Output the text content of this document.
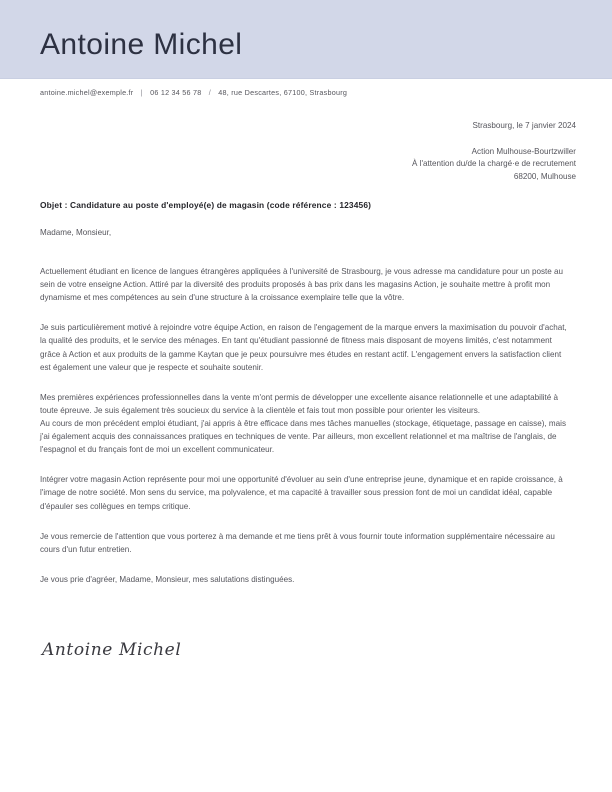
Antoine Michel
antoine.michel@exemple.fr | 06 12 34 56 78 / 48, rue Descartes, 67100, Strasbourg
Strasbourg, le 7 janvier 2024
Action Mulhouse-Bourtzwiller
À l'attention du/de la chargé·e de recrutement
68200, Mulhouse
Objet : Candidature au poste d'employé(e) de magasin (code référence : 123456)
Madame, Monsieur,

Actuellement étudiant en licence de langues étrangères appliquées à l'université de Strasbourg, je vous adresse ma candidature pour un poste au sein de votre enseigne Action. Attiré par la diversité des produits proposés à bas prix dans les magasins Action, je souhaite mettre à profit mon dynamisme et mes compétences au sein d'une structure à la croissance exemplaire telle que la vôtre.

Je suis particulièrement motivé à rejoindre votre équipe Action, en raison de l'engagement de la marque envers la maximisation du pouvoir d'achat, la qualité des produits, et le service des ménages. En tant qu'étudiant passionné de fitness mais disposant de moyens limités, c'est notamment grâce à Action et aux produits de la gamme Kaytan que je peux poursuivre mes études en restant actif. L'engagement envers la satisfaction client est également une valeur que je respecte et souhaite soutenir.

Mes premières expériences professionnelles dans la vente m'ont permis de développer une excellente aisance relationnelle et une adaptabilité à toute épreuve. Je suis également très soucieux du service à la clientèle et fais tout mon possible pour orienter les visiteurs.

Au cours de mon précédent emploi étudiant, j'ai appris à être efficace dans mes tâches manuelles (stockage, étiquetage, passage en caisse), mais j'ai également acquis des connaissances pratiques en techniques de vente. Par ailleurs, mon excellent relationnel et ma maîtrise de l'anglais, de l'espagnol et du français font de moi un excellent communicateur.

Intégrer votre magasin Action représente pour moi une opportunité d'évoluer au sein d'une entreprise jeune, dynamique et en rapide croissance, à l'image de notre société. Mon sens du service, ma polyvalence, et ma capacité à travailler sous pression font de moi un candidat idéal, capable d'épauler ses collègues en temps critique.

Je vous remercie de l'attention que vous porterez à ma demande et me tiens prêt à vous fournir toute information supplémentaire nécessaire au cours d'un futur entretien.

Je vous prie d'agréer, Madame, Monsieur, mes salutations distinguées.

Antoine Michel
